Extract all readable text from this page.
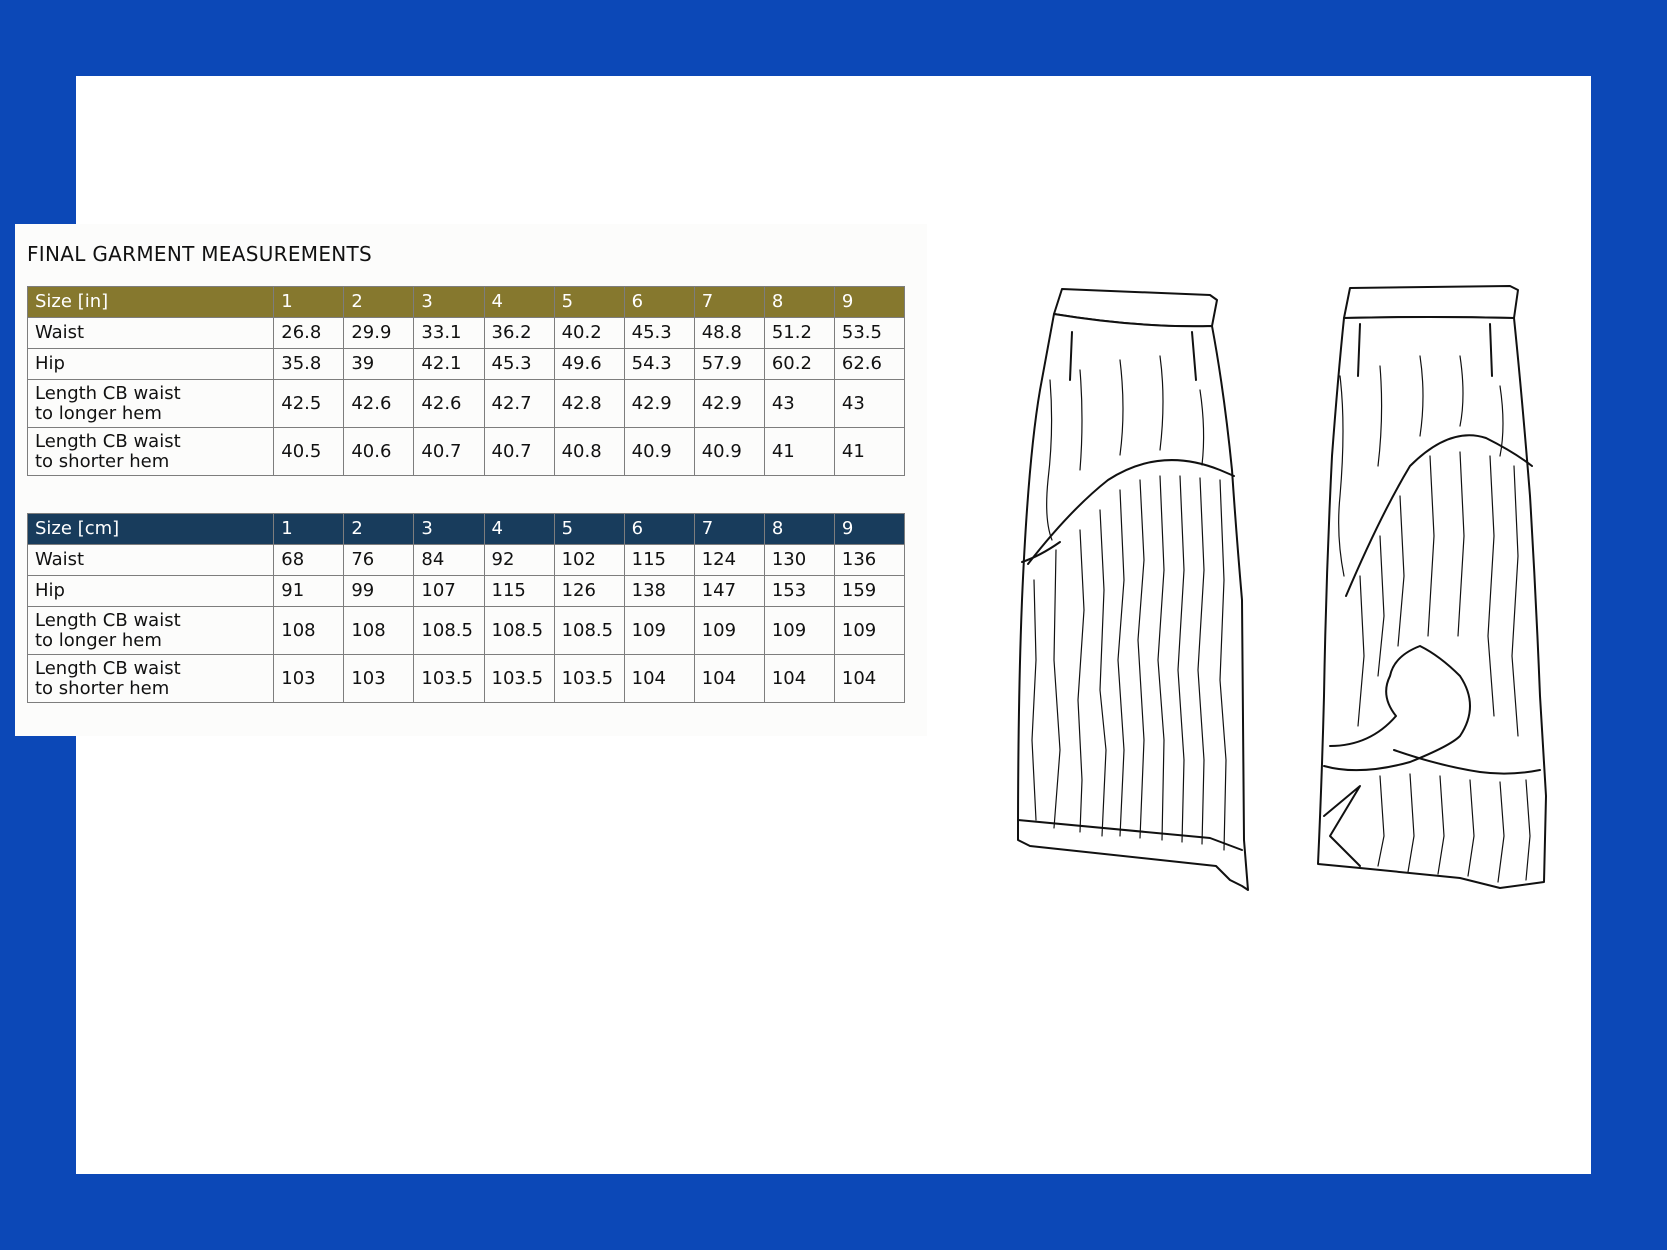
FINAL GARMENT MEASUREMENTS
Size [in]	1	2	3	4	5	6	7	8	9
Waist	26.8	29.9	33.1	36.2	40.2	45.3	48.8	51.2	53.5
Hip	35.8	39	42.1	45.3	49.6	54.3	57.9	60.2	62.6
Length CB waist
to longer hem	42.5	42.6	42.6	42.7	42.8	42.9	42.9	43	43
Length CB waist
to shorter hem	40.5	40.6	40.7	40.7	40.8	40.9	40.9	41	41
Size [cm]	1	2	3	4	5	6	7	8	9
Waist	68	76	84	92	102	115	124	130	136
Hip	91	99	107	115	126	138	147	153	159
Length CB waist
to longer hem	108	108	108.5	108.5	108.5	109	109	109	109
Length CB waist
to shorter hem	103	103	103.5	103.5	103.5	104	104	104	104
